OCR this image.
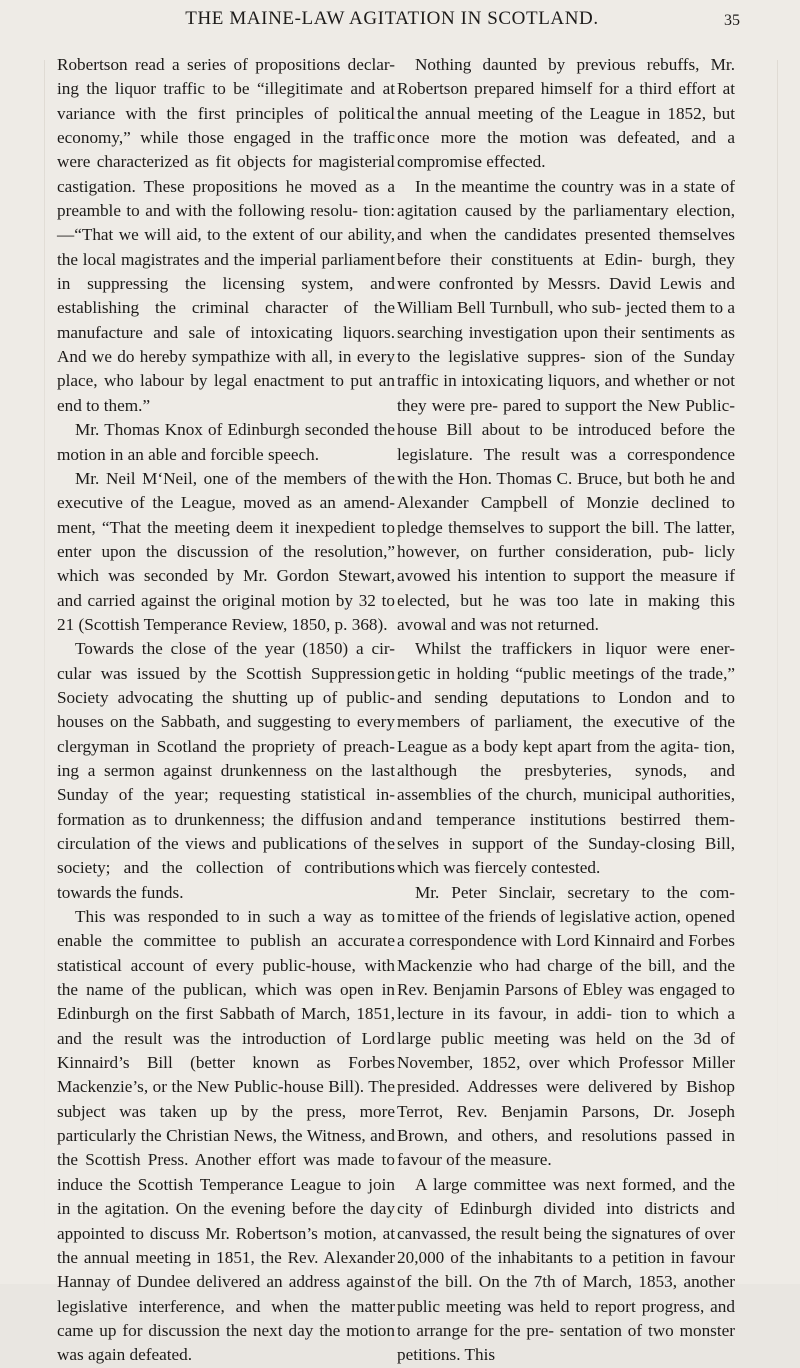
THE MAINE-LAW AGITATION IN SCOTLAND.	35

Robertson read a series of propositions declar- ing the liquor traffic to be “illegitimate and at variance with the first principles of political economy,” while those engaged in the traffic were characterized as fit objects for magisterial castigation. These propositions he moved as a preamble to and with the following resolu- tion:—“That we will aid, to the extent of our ability, the local magistrates and the imperial parliament in suppressing the licensing system, and establishing the criminal character of the manufacture and sale of intoxicating liquors. And we do hereby sympathize with all, in every place, who labour by legal enactment to put an end to them.”

Mr. Thomas Knox of Edinburgh seconded the motion in an able and forcible speech.

Mr. Neil M‘Neil, one of the members of the executive of the League, moved as an amend- ment, “That the meeting deem it inexpedient to enter upon the discussion of the resolution,” which was seconded by Mr. Gordon Stewart, and carried against the original motion by 32 to 21 (Scottish Temperance Review, 1850, p. 368).

Towards the close of the year (1850) a cir- cular was issued by the Scottish Suppression Society advocating the shutting up of public- houses on the Sabbath, and suggesting to every clergyman in Scotland the propriety of preach- ing a sermon against drunkenness on the last Sunday of the year; requesting statistical in- formation as to drunkenness; the diffusion and circulation of the views and publications of the society; and the collection of contributions towards the funds.

This was responded to in such a way as to enable the committee to publish an accurate statistical account of every public-house, with the name of the publican, which was open in Edinburgh on the first Sabbath of March, 1851, and the result was the introduction of Lord Kinnaird’s Bill (better known as Forbes Mackenzie’s, or the New Public-house Bill). The subject was taken up by the press, more particularly the Christian News, the Witness, and the Scottish Press. Another effort was made to induce the Scottish Temperance League to join in the agitation. On the evening before the day appointed to discuss Mr. Robertson’s motion, at the annual meeting in 1851, the Rev. Alexander Hannay of Dundee delivered an address against legislative interference, and when the matter came up for discussion the next day the motion was again defeated.

Nothing daunted by previous rebuffs, Mr. Robertson prepared himself for a third effort at the annual meeting of the League in 1852, but once more the motion was defeated, and a compromise effected.

In the meantime the country was in a state of agitation caused by the parliamentary election, and when the candidates presented themselves before their constituents at Edin- burgh, they were confronted by Messrs. David Lewis and William Bell Turnbull, who sub- jected them to a searching investigation upon their sentiments as to the legislative suppres- sion of the Sunday traffic in intoxicating liquors, and whether or not they were pre- pared to support the New Public-house Bill about to be introduced before the legislature. The result was a correspondence with the Hon. Thomas C. Bruce, but both he and Alexander Campbell of Monzie declined to pledge themselves to support the bill. The latter, however, on further consideration, pub- licly avowed his intention to support the measure if elected, but he was too late in making this avowal and was not returned.

Whilst the traffickers in liquor were ener- getic in holding “public meetings of the trade,” and sending deputations to London and to members of parliament, the executive of the League as a body kept apart from the agita- tion, although the presbyteries, synods, and assemblies of the church, municipal authorities, and temperance institutions bestirred them- selves in support of the Sunday-closing Bill, which was fiercely contested.

Mr. Peter Sinclair, secretary to the com- mittee of the friends of legislative action, opened a correspondence with Lord Kinnaird and Forbes Mackenzie who had charge of the bill, and the Rev. Benjamin Parsons of Ebley was engaged to lecture in its favour, in addi- tion to which a large public meeting was held on the 3d of November, 1852, over which Professor Miller presided. Addresses were delivered by Bishop Terrot, Rev. Benjamin Parsons, Dr. Joseph Brown, and others, and resolutions passed in favour of the measure.

A large committee was next formed, and the city of Edinburgh divided into districts and canvassed, the result being the signatures of over 20,000 of the inhabitants to a petition in favour of the bill. On the 7th of March, 1853, another public meeting was held to report progress, and to arrange for the pre- sentation of two monster petitions. This
